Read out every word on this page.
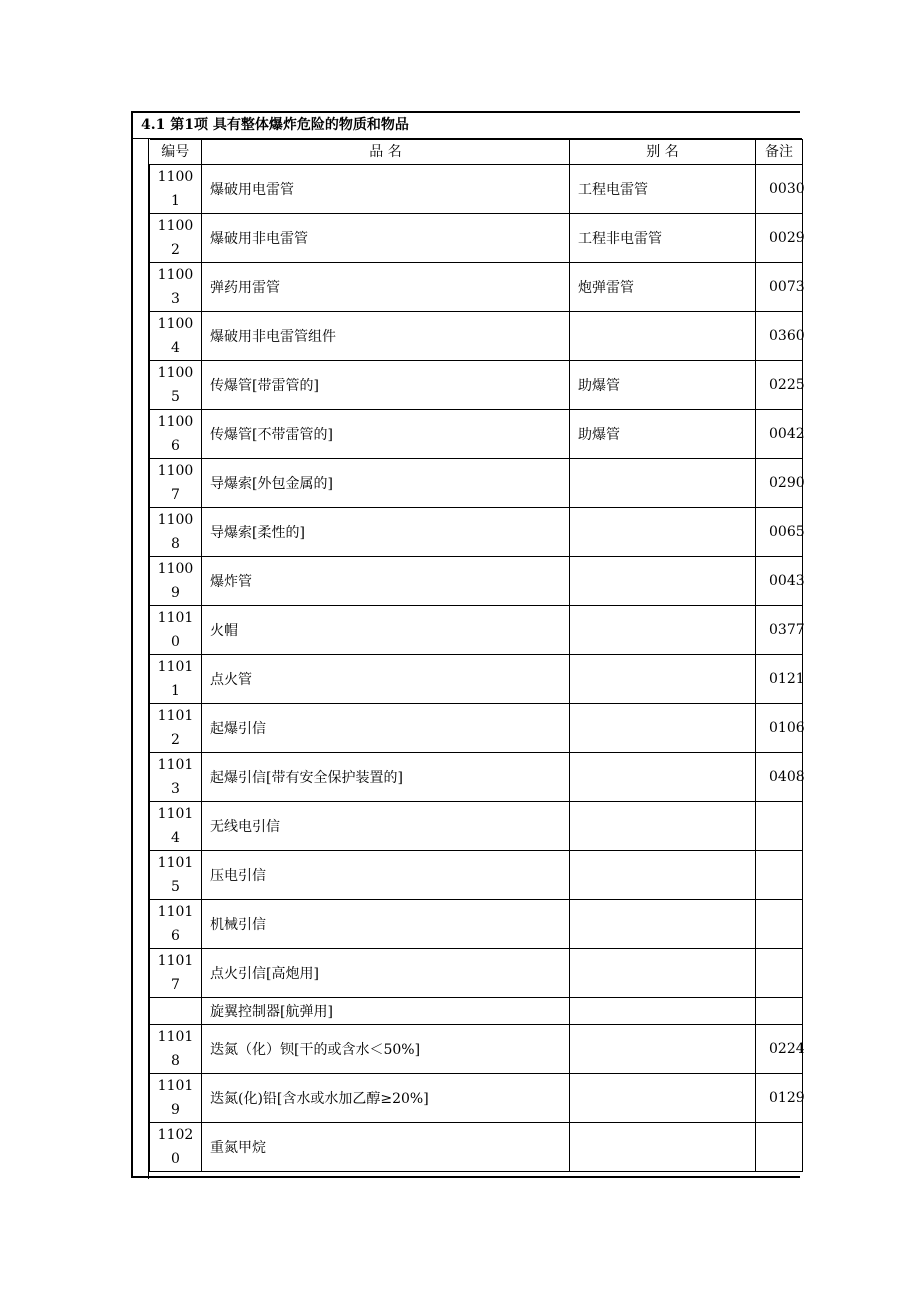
4.1 第1项 具有整体爆炸危险的物质和物品
编号	品 名	别 名	备注

1100
1	爆破用电雷管	工程电雷管	0030

1100
2	爆破用非电雷管	工程非电雷管	0029

1100
3	弹药用雷管	炮弹雷管	0073

1100
4	爆破用非电雷管组件		0360

1100
5	传爆管[带雷管的]	助爆管	0225

1100
6	传爆管[不带雷管的]	助爆管	0042

1100
7	导爆索[外包金属的]		0290

1100
8	导爆索[柔性的]		0065

1100
9	爆炸管		0043

1101
0	火帽		0377

1101
1	点火管		0121

1101
2	起爆引信		0106

1101
3	起爆引信[带有安全保护装置的]		0408

1101
4	无线电引信		

1101
5	压电引信		

1101
6	机械引信		

1101
7	点火引信[高炮用]		
	旋翼控制器[航弹用]		

1101
8	迭氮（化）钡[干的或含水＜50%]		0224

1101
9	迭氮(化)铅[含水或水加乙醇≥20%]		0129

1102
0	重氮甲烷		
